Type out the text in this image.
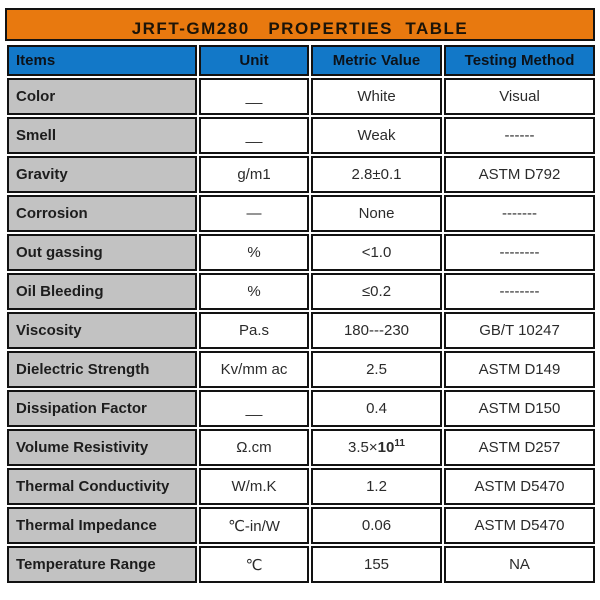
JRFT-GM280   PROPERTIES  TABLE
Items	Unit	Metric Value	Testing Method
Color	__	White	Visual
Smell	__	Weak	------
Gravity	g/m1	2.8±0.1	ASTM D792
Corrosion	—	None	-------
Out gassing	%	<1.0	--------
Oil Bleeding	%	≤0.2	--------
Viscosity	Pa.s	180---230	GB/T 10247
Dielectric Strength	Kv/mm ac	2.5	ASTM D149
Dissipation Factor	__	0.4	ASTM D150
Volume Resistivity	Ω.cm	$3.5\times 10^{11}$	ASTM D257
Thermal Conductivity	W/m.K	1.2	ASTM D5470
Thermal Impedance	℃-in/W	0.06	ASTM D5470
Temperature Range	℃	155	NA
